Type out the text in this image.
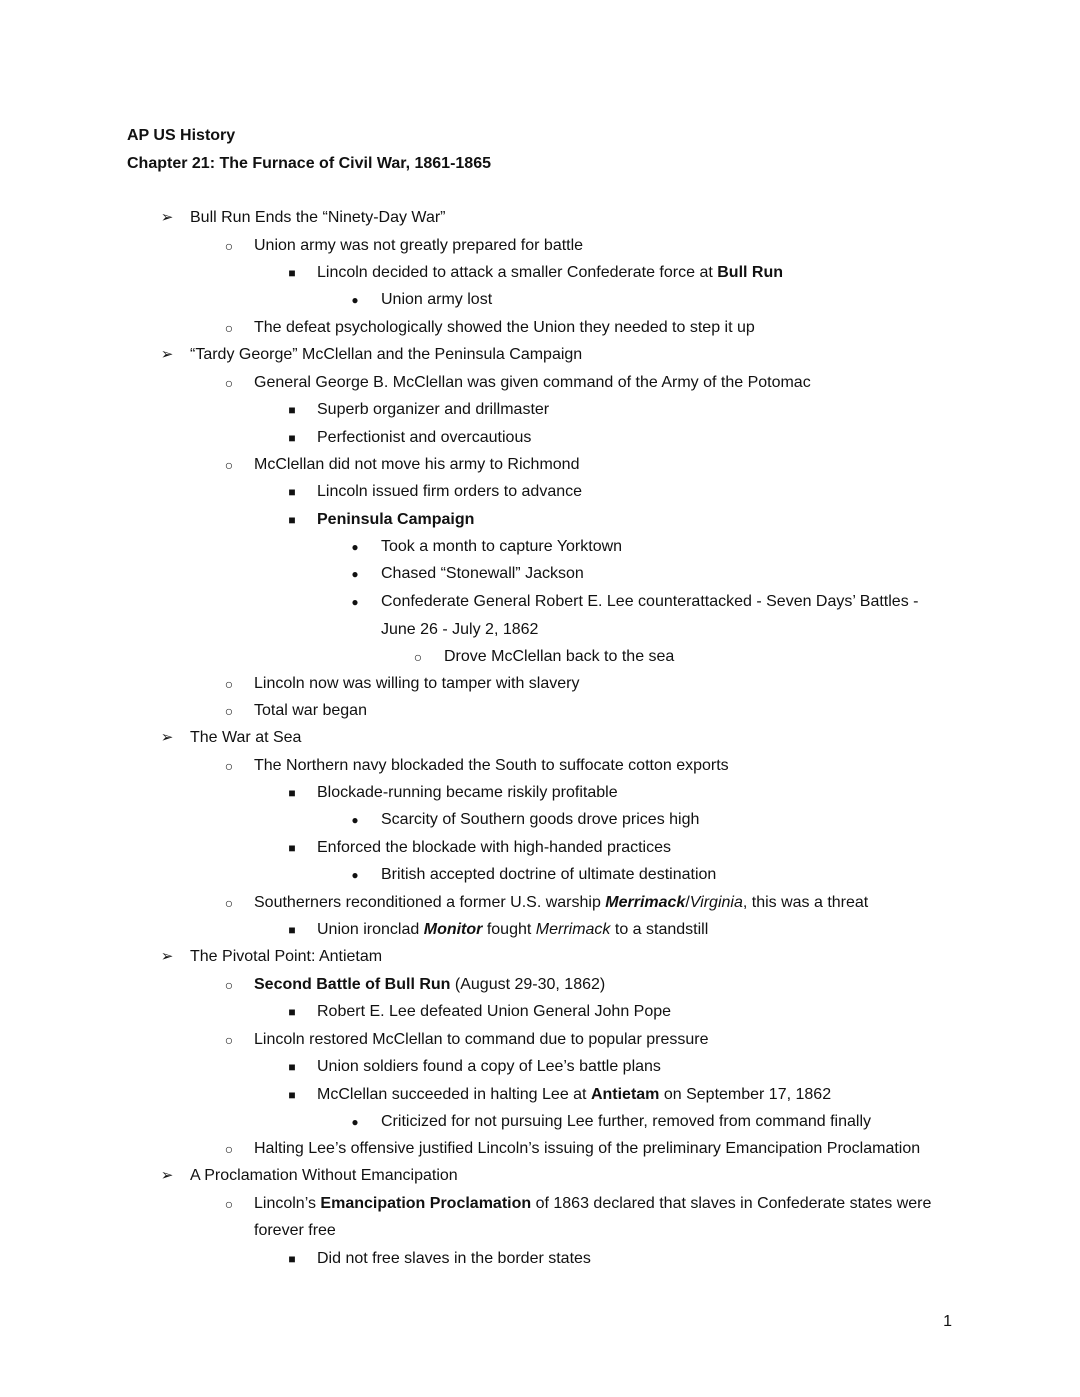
AP US History
Chapter 21: The Furnace of Civil War, 1861-1865
➢ Bull Run Ends the “Ninety-Day War”
○	Union army was not greatly prepared for battle
■	Lincoln decided to attack a smaller Confederate force at Bull Run
●	Union army lost
○	The defeat psychologically showed the Union they needed to step it up
➢ “Tardy George” McClellan and the Peninsula Campaign
○	General George B. McClellan was given command of the Army of the Potomac
■	Superb organizer and drillmaster
■	Perfectionist and overcautious
○	McClellan did not move his army to Richmond
■	Lincoln issued firm orders to advance
■	Peninsula Campaign
●	Took a month to capture Yorktown
●	Chased “Stonewall” Jackson
●	Confederate General Robert E. Lee counterattacked - Seven Days’ Battles -
June 26 - July 2, 1862
○	Drove McClellan back to the sea
○	Lincoln now was willing to tamper with slavery
○	Total war began
➢ The War at Sea
○	The Northern navy blockaded the South to suffocate cotton exports
■	Blockade-running became riskily profitable
●	Scarcity of Southern goods drove prices high
■	Enforced the blockade with high-handed practices
●	British accepted doctrine of ultimate destination
○	Southerners reconditioned a former U.S. warship Merrimack/Virginia, this was a threat
■	Union ironclad Monitor fought Merrimack to a standstill
➢ The Pivotal Point: Antietam
○	Second Battle of Bull Run (August 29-30, 1862)
■	Robert E. Lee defeated Union General John Pope
○	Lincoln restored McClellan to command due to popular pressure
■	Union soldiers found a copy of Lee’s battle plans
■	McClellan succeeded in halting Lee at Antietam on September 17, 1862
●	Criticized for not pursuing Lee further, removed from command finally
○	Halting Lee’s offensive justified Lincoln’s issuing of the preliminary Emancipation Proclamation
➢ A Proclamation Without Emancipation
○	Lincoln’s Emancipation Proclamation of 1863 declared that slaves in Confederate states were
forever free
■	Did not free slaves in the border states
1
